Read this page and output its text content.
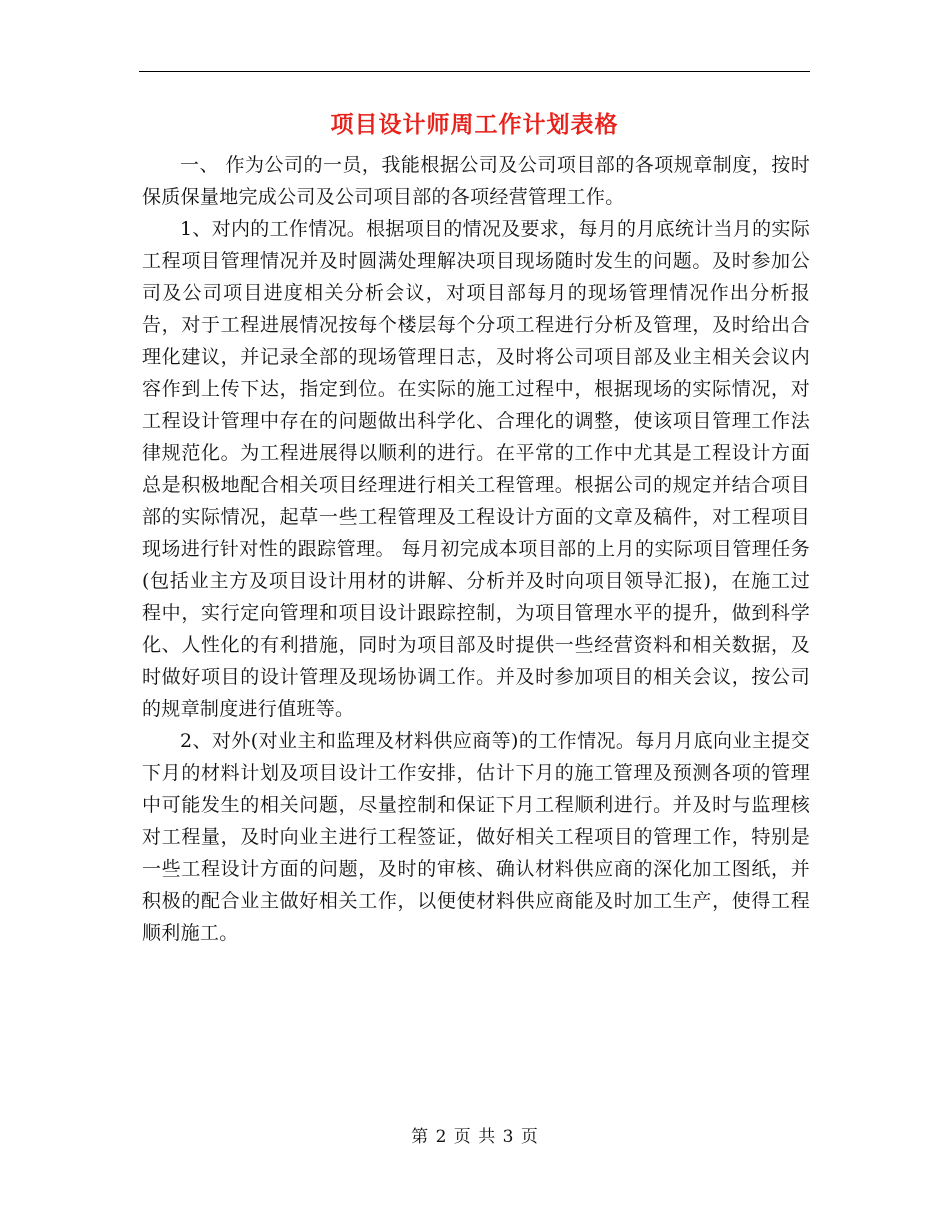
项目设计师周工作计划表格

一、 作为公司的一员，我能根据公司及公司项目部的各项规章制度，按时保质保量地完成公司及公司项目部的各项经营管理工作。

1、对内的工作情况。根据项目的情况及要求，每月的月底统计当月的实际工程项目管理情况并及时圆满处理解决项目现场随时发生的问题。及时参加公司及公司项目进度相关分析会议，对项目部每月的现场管理情况作出分析报告，对于工程进展情况按每个楼层每个分项工程进行分析及管理，及时给出合理化建议，并记录全部的现场管理日志，及时将公司项目部及业主相关会议内容作到上传下达，指定到位。在实际的施工过程中，根据现场的实际情况，对工程设计管理中存在的问题做出科学化、合理化的调整，使该项目管理工作法律规范化。为工程进展得以顺利的进行。在平常的工作中尤其是工程设计方面总是积极地配合相关项目经理进行相关工程管理。根据公司的规定并结合项目部的实际情况，起草一些工程管理及工程设计方面的文章及稿件，对工程项目现场进行针对性的跟踪管理。 每月初完成本项目部的上月的实际项目管理任务(包括业主方及项目设计用材的讲解、分析并及时向项目领导汇报)，在施工过程中，实行定向管理和项目设计跟踪控制，为项目管理水平的提升，做到科学化、人性化的有利措施，同时为项目部及时提供一些经营资料和相关数据，及时做好项目的设计管理及现场协调工作。并及时参加项目的相关会议，按公司的规章制度进行值班等。

2、对外(对业主和监理及材料供应商等)的工作情况。每月月底向业主提交下月的材料计划及项目设计工作安排，估计下月的施工管理及预测各项的管理中可能发生的相关问题，尽量控制和保证下月工程顺利进行。并及时与监理核对工程量，及时向业主进行工程签证，做好相关工程项目的管理工作，特别是一些工程设计方面的问题，及时的审核、确认材料供应商的深化加工图纸，并积极的配合业主做好相关工作，以便使材料供应商能及时加工生产，使得工程顺利施工。

第 2 页 共 3 页
